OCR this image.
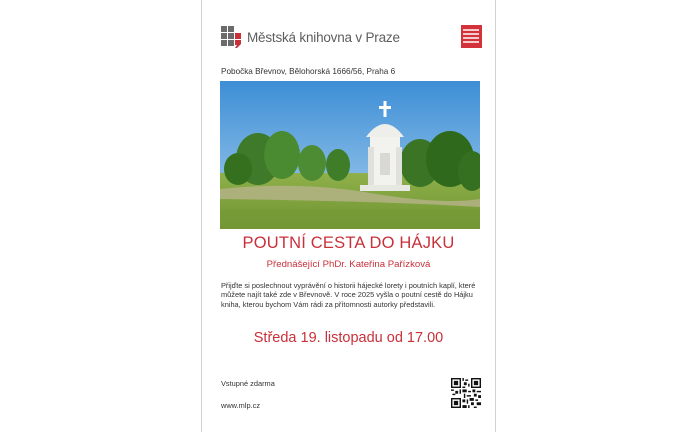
Městská knihovna v Praze
Pobočka Břevnov, Bělohorská 1666/56, Praha 6
POUTNÍ CESTA DO HÁJKU
Přednášející PhDr. Kateřina Pařízková
Přijďte si poslechnout vyprávění o historii hájecké lorety i poutních kaplí, které můžete najít také zde v Břevnově. V roce 2025 vyšla o poutní cestě do Hájku kniha, kterou bychom Vám rádi za přítomnosti autorky představili.
Středa 19. listopadu od 17.00
Vstupné zdarma
www.mlp.cz
